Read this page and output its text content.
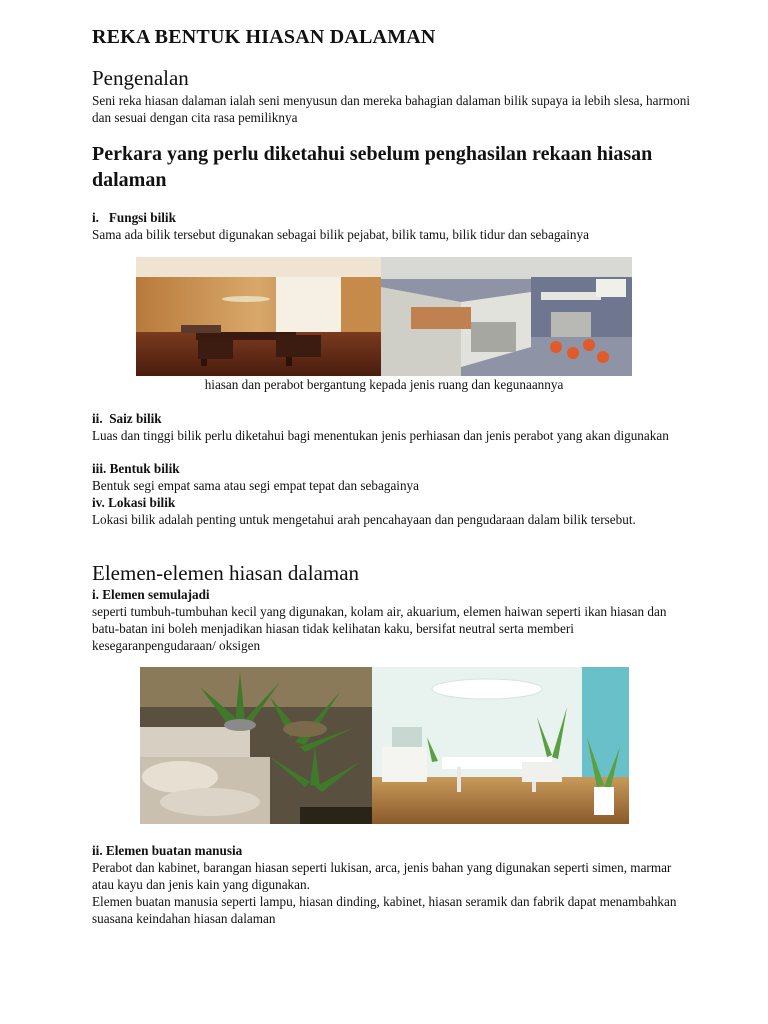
REKA BENTUK HIASAN DALAMAN
Pengenalan

Seni reka hiasan dalaman ialah seni menyusun dan mereka bahagian dalaman bilik supaya ia lebih slesa, harmoni dan sesuai dengan cita rasa pemiliknya

Perkara yang perlu diketahui sebelum penghasilan rekaan hiasan dalaman
i.   Fungsi bilik

Sama ada bilik tersebut digunakan sebagai bilik pejabat, bilik tamu, bilik tidur dan sebagainya

hiasan dan perabot bergantung kepada jenis ruang dan kegunaannya
ii.  Saiz bilik

Luas dan tinggi bilik perlu diketahui bagi menentukan jenis perhiasan dan jenis perabot yang akan digunakan

iii. Bentuk bilik

Bentuk segi empat sama atau segi empat tepat dan sebagainya

iv. Lokasi bilik

Lokasi bilik adalah penting untuk mengetahui arah pencahayaan dan pengudaraan dalam bilik tersebut.

Elemen-elemen hiasan dalaman
i. Elemen semulajadi

seperti tumbuh-tumbuhan kecil yang digunakan, kolam air, akuarium, elemen haiwan seperti ikan hiasan dan batu-batan ini boleh menjadikan hiasan tidak kelihatan kaku, bersifat neutral serta memberi kesegaranpengudaraan/ oksigen

ii. Elemen buatan manusia

Perabot dan kabinet, barangan hiasan seperti lukisan, arca, jenis bahan yang digunakan seperti simen, marmar atau kayu dan jenis kain yang digunakan.

Elemen buatan manusia seperti lampu, hiasan dinding, kabinet, hiasan seramik dan fabrik dapat menambahkan suasana keindahan hiasan dalaman
